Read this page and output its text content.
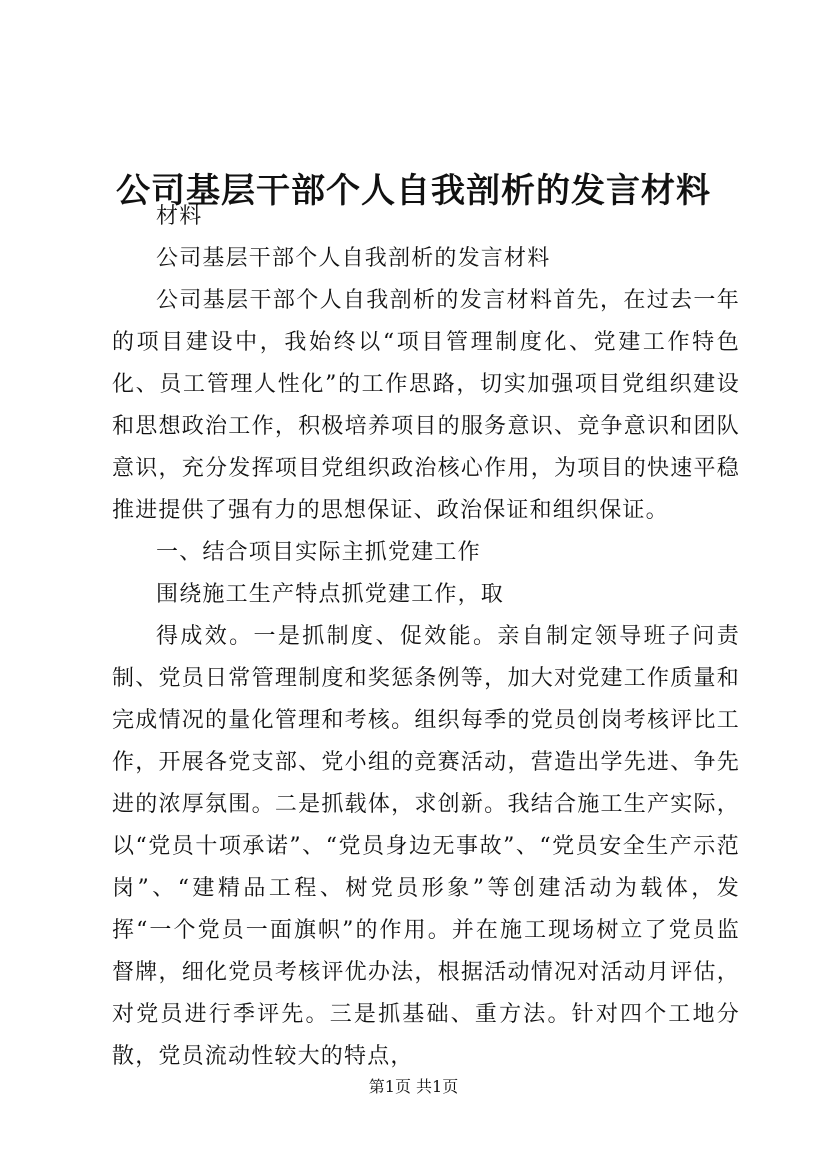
公司基层干部个人自我剖析的发言材料

材料

公司基层干部个人自我剖析的发言材料

公司基层干部个人自我剖析的发言材料首先，在过去一年的项目建设中，我始终以“项目管理制度化、党建工作特色化、员工管理人性化”的工作思路，切实加强项目党组织建设和思想政治工作，积极培养项目的服务意识、竞争意识和团队意识，充分发挥项目党组织政治核心作用，为项目的快速平稳推进提供了强有力的思想保证、政治保证和组织保证。

一、结合项目实际主抓党建工作

围绕施工生产特点抓党建工作，取

得成效。一是抓制度、促效能。亲自制定领导班子问责制、党员日常管理制度和奖惩条例等，加大对党建工作质量和完成情况的量化管理和考核。组织每季的党员创岗考核评比工作，开展各党支部、党小组的竞赛活动，营造出学先进、争先进的浓厚氛围。二是抓载体，求创新。我结合施工生产实际，以“党员十项承诺”、“党员身边无事故”、“党员安全生产示范岗”、“建精品工程、树党员形象”等创建活动为载体，发挥“一个党员一面旗帜”的作用。并在施工现场树立了党员监督牌，细化党员考核评优办法，根据活动情况对活动月评估，对党员进行季评先。三是抓基础、重方法。针对四个工地分散，党员流动性较大的特点，

第1页 共1页
